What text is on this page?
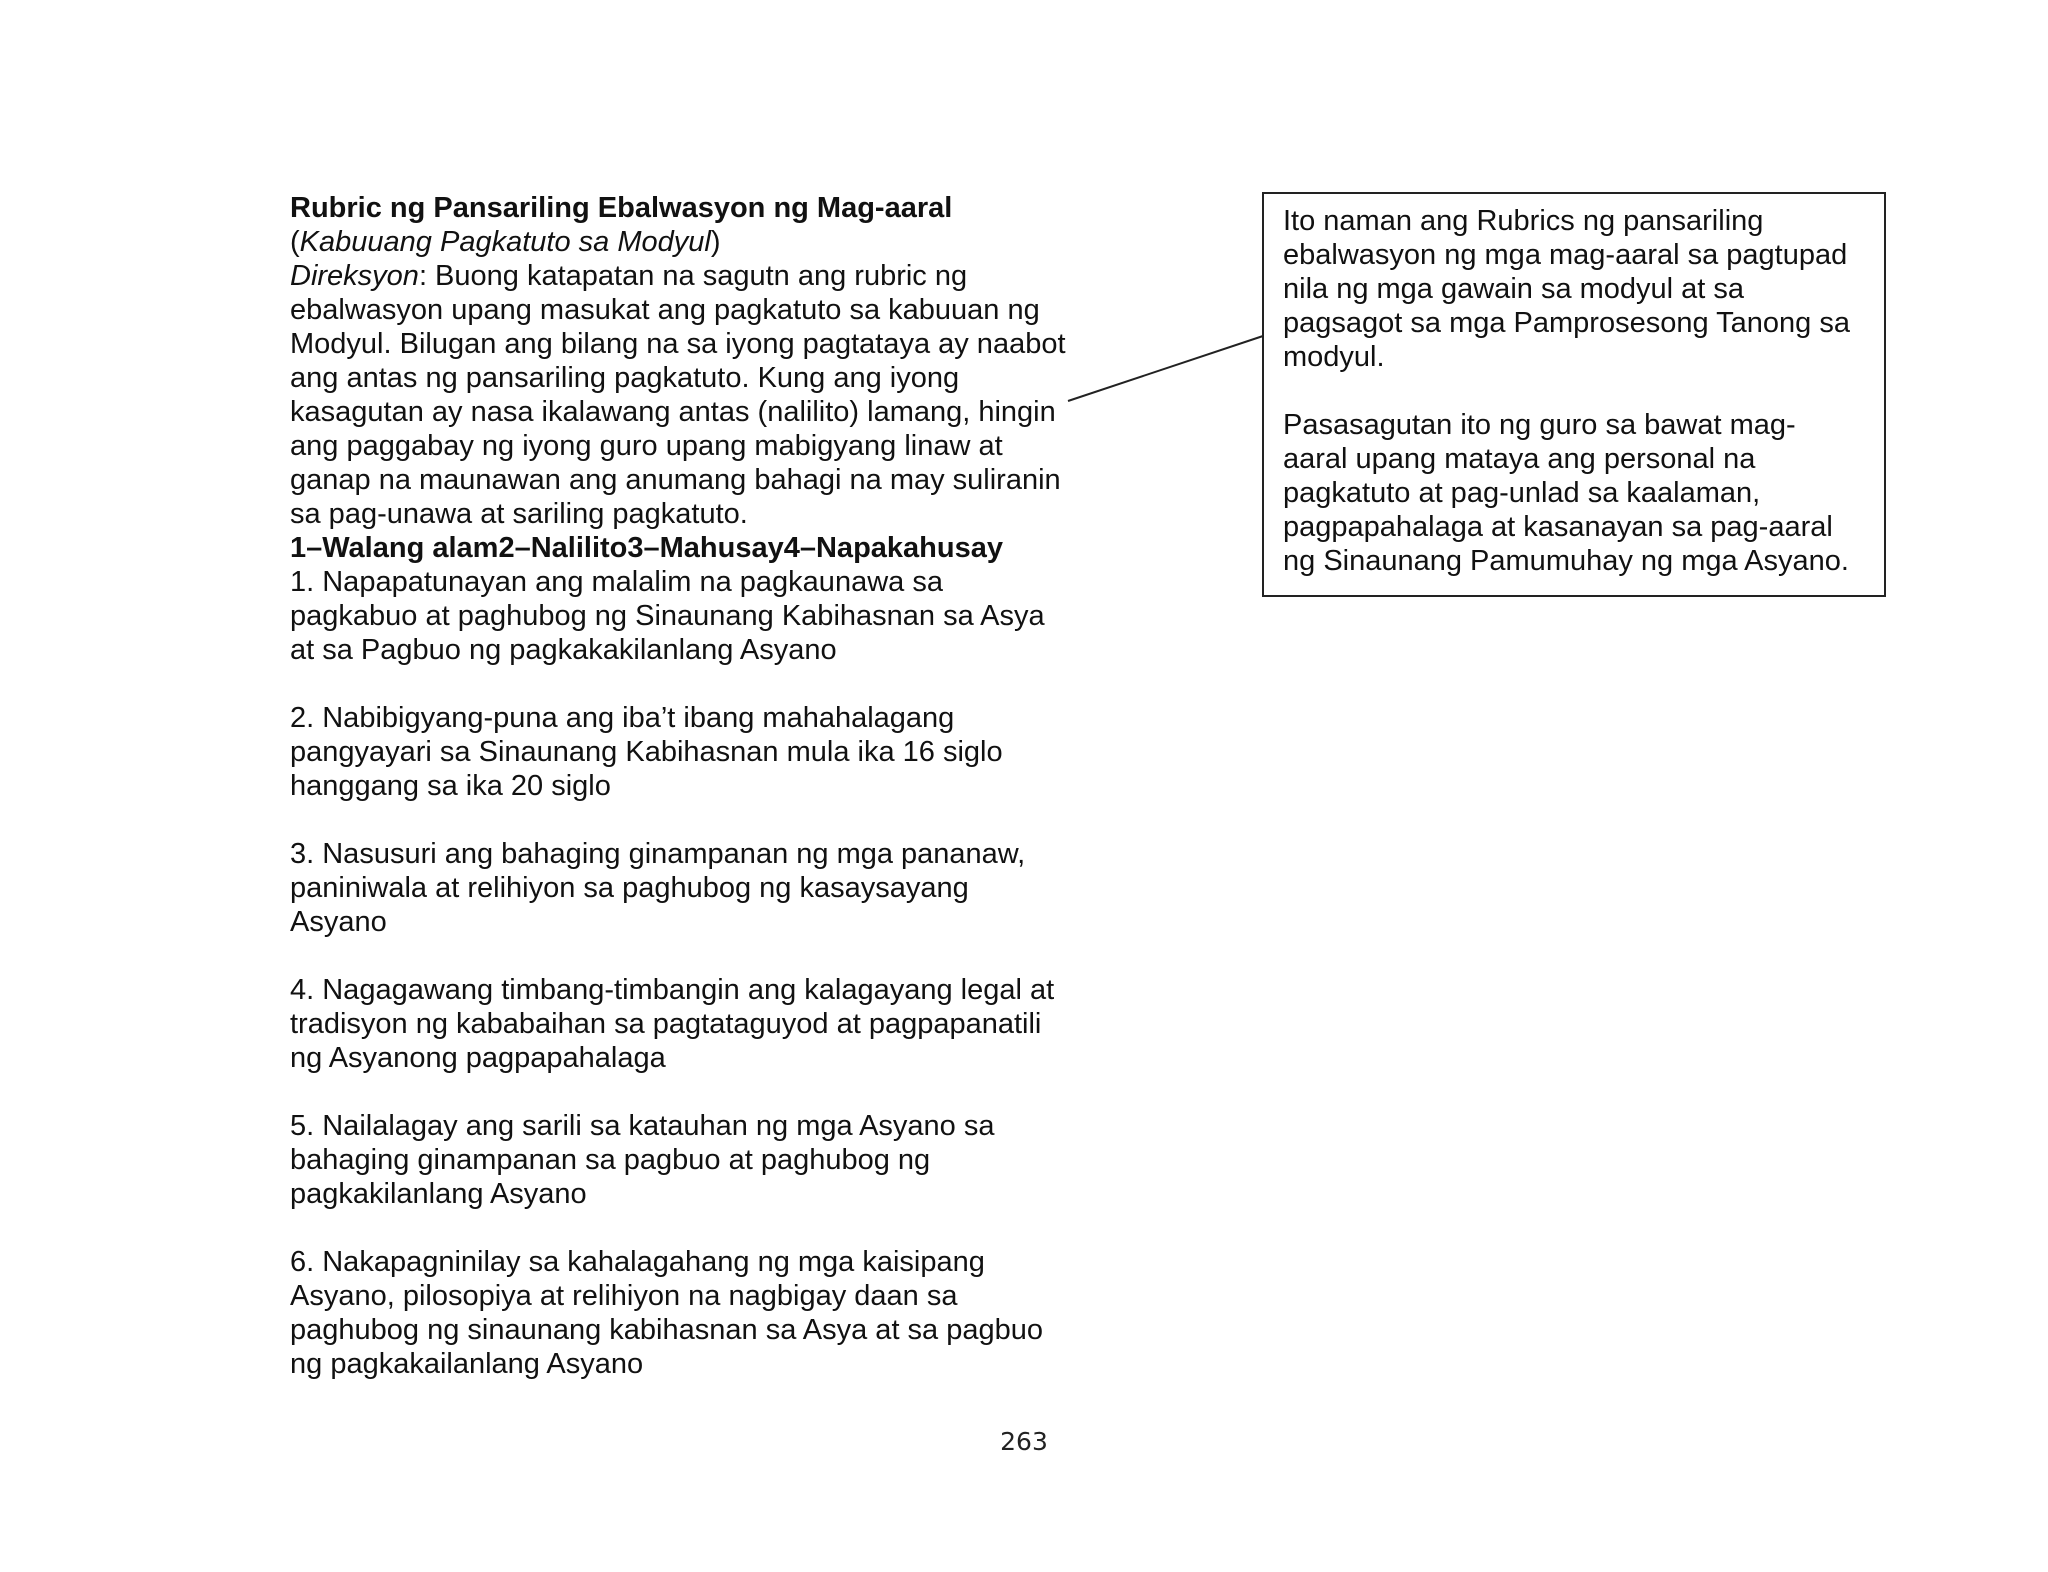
Rubric ng Pansariling Ebalwasyon ng Mag-aaral

(Kabuuang Pagkatuto sa Modyul)

Direksyon: Buong katapatan na sagutn ang rubric ng ebalwasyon upang masukat ang pagkatuto sa kabuuan ng Modyul. Bilugan ang bilang na sa iyong pagtataya ay naabot ang antas ng pansariling pagkatuto. Kung ang iyong kasagutan ay nasa ikalawang antas (nalilito) lamang, hingin ang paggabay ng iyong guro upang mabigyang linaw at ganap na maunawan ang anumang bahagi na may suliranin sa pag-unawa at sariling pagkatuto.

1–Walang alam2–Nalilito3–Mahusay4–Napakahusay

1. Napapatunayan ang malalim na pagkaunawa sa
pagkabuo at paghubog ng Sinaunang Kabihasnan sa Asya
at sa Pagbuo ng pagkakakilanlang Asyano

2. Nabibigyang-puna ang iba’t ibang mahahalagang
pangyayari sa Sinaunang Kabihasnan mula ika 16 siglo
hanggang sa ika 20 siglo

3. Nasusuri ang bahaging ginampanan ng mga pananaw,
paniniwala at relihiyon sa paghubog ng kasaysayang
Asyano

4. Nagagawang timbang-timbangin ang kalagayang legal at
tradisyon ng kababaihan sa pagtataguyod at pagpapanatili
ng Asyanong pagpapahalaga

5. Nailalagay ang sarili sa katauhan ng mga Asyano sa
bahaging ginampanan sa pagbuo at paghubog ng
pagkakilanlang Asyano

6. Nakapagninilay sa kahalagahang ng mga kaisipang
Asyano, pilosopiya at relihiyon na nagbigay daan sa
paghubog ng sinaunang kabihasnan sa Asya at sa pagbuo
ng pagkakailanlang Asyano

Ito naman ang Rubrics ng pansariling
ebalwasyon ng mga mag-aaral sa pagtupad
nila ng mga gawain sa modyul at sa
pagsagot sa mga Pamprosesong Tanong sa
modyul.

Pasasagutan ito ng guro sa bawat mag-
aaral upang mataya ang personal na
pagkatuto at pag-unlad sa kaalaman,
pagpapahalaga at kasanayan sa pag-aaral
ng Sinaunang Pamumuhay ng mga Asyano.

263
